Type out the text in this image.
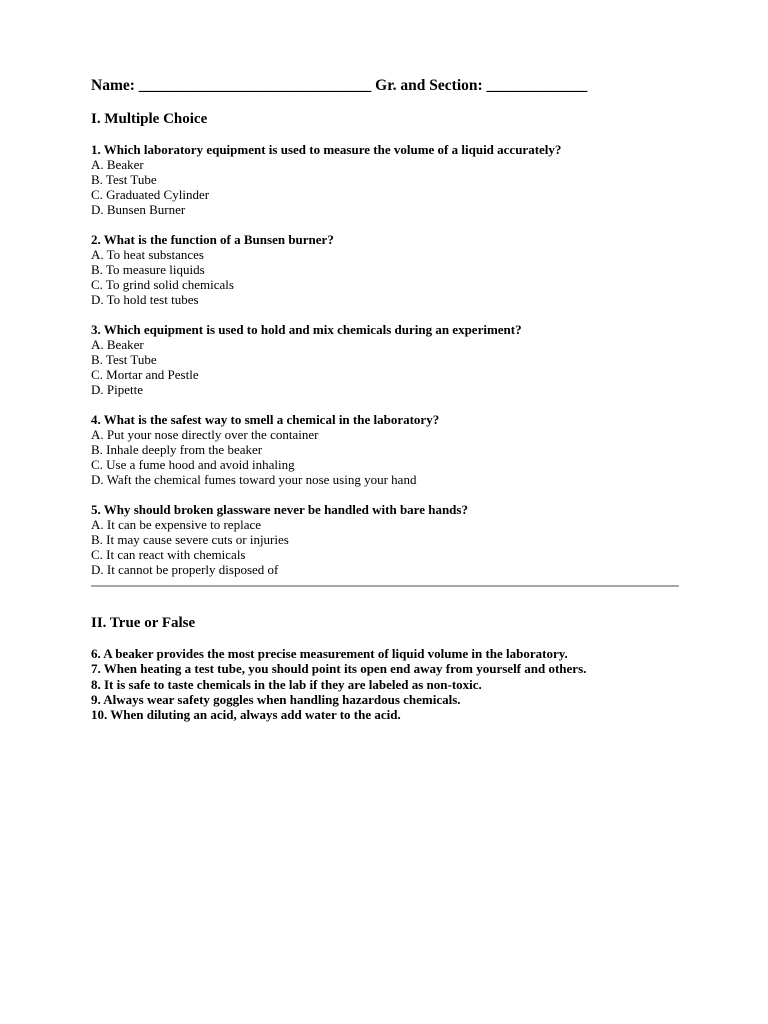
Name: ______________________________ Gr. and Section: _____________

I. Multiple Choice

1. Which laboratory equipment is used to measure the volume of a liquid accurately?
A. Beaker
B. Test Tube
C. Graduated Cylinder
D. Bunsen Burner
2. What is the function of a Bunsen burner?
A. To heat substances
B. To measure liquids
C. To grind solid chemicals
D. To hold test tubes
3. Which equipment is used to hold and mix chemicals during an experiment?
A. Beaker
B. Test Tube
C. Mortar and Pestle
D. Pipette
4. What is the safest way to smell a chemical in the laboratory?
A. Put your nose directly over the container
B. Inhale deeply from the beaker
C. Use a fume hood and avoid inhaling
D. Waft the chemical fumes toward your nose using your hand
5. Why should broken glassware never be handled with bare hands?
A. It can be expensive to replace
B. It may cause severe cuts or injuries
C. It can react with chemicals
D. It cannot be properly disposed of

II. True or False

6. A beaker provides the most precise measurement of liquid volume in the laboratory.
7. When heating a test tube, you should point its open end away from yourself and others.
8. It is safe to taste chemicals in the lab if they are labeled as non-toxic.
9. Always wear safety goggles when handling hazardous chemicals.
10. When diluting an acid, always add water to the acid.
